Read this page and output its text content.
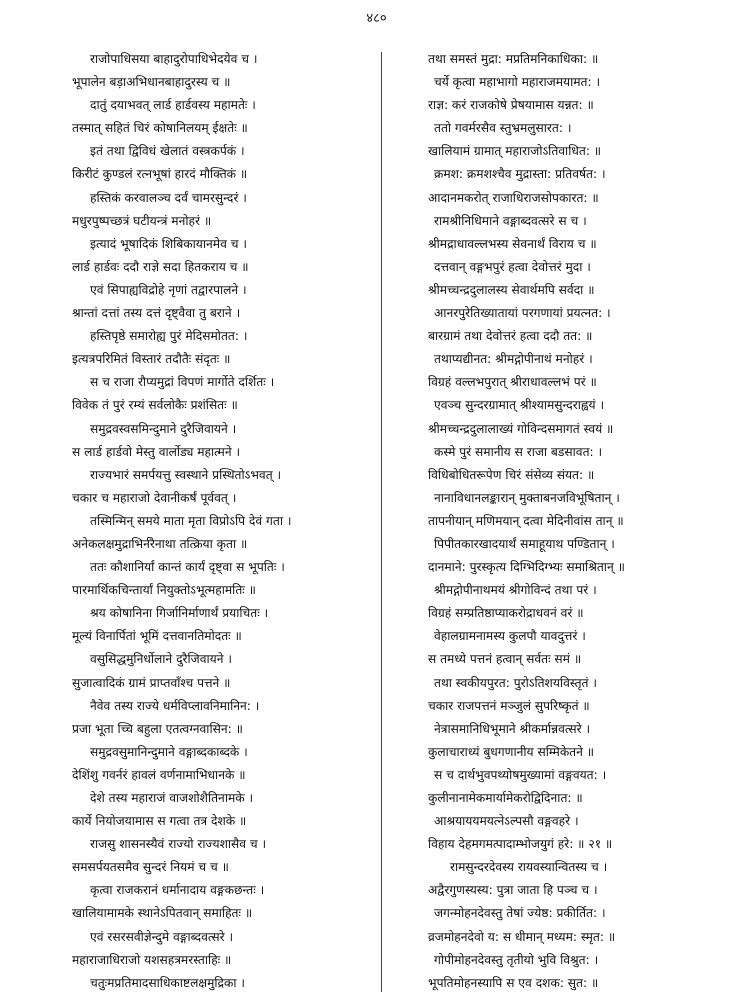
४८०
राजोपाधिसया बाहादुरोपाधिभेदयेव च ।
भूपालेन बड़ाअभिधानबाहादुरस्य च ॥
दातुं दयाभवत् लार्ड हार्डवस्य महामतेः ।
तस्मात् सहितं चिरं कोषानिलयम् ईक्षतेः ॥
इतं तथा द्विविधं खेलातं वस्त्रकर्पकं ।
किरीटं कुण्डलं रत्नभूषां हारदं मौक्तिकं ॥
हस्तिकं करवालञ्च दर्वं चामरसुन्दरं ।
मधुरपुष्पच्छत्रं घटीयन्त्रं मनोहरं ॥
इत्यादं भूषादिकं शिबिकायानमेव च ।
लार्ड हार्डवः ददौ राज्ञे सदा हितकराय च ॥
एवं सिपाह्यविद्रोहे नृणां तद्वारपालने ।
श्रान्तां दत्तां तस्य दत्तं दृष्ट्वैवा तु बराने ।
हस्तिपृष्ठे समारोह्य पुरं मेदिसमोतत: ।
इत्यत्रपरिमितं विस्तारं तदौतैः संदृतः ॥
स च राजा रौप्यमुद्रां विपणं मार्गोते दर्शितः ।
विवेक तं पुरं रम्यं सर्वलोकैः प्रशंसितः ॥
समुद्रवस्वसमिन्दुमाने दुरैजिवायने ।
स लार्ड हार्डवो मेस्तु वार्लोड्य महात्मने ।
राज्यभारं समर्पयत्तु स्वस्थाने प्रस्थितोऽभवत् ।
चकार च महाराजो देवानीकर्षं पूर्ववत् ।
तस्मिन्मिन् समये माता मृता विप्रोऽपि देवं गता ।
अनेकलक्षमुद्राभिर्नरैनाथा तत्क्रिया कृता ॥
ततः कौशानिर्यां कान्तं कार्यं दृष्ट्वा स भूपतिः ।
पारमार्थिकचिन्तार्यां नियुक्तोऽभूत्महामतिः ॥
श्रय कोषानिना गिर्जानिर्माणार्थं प्रयाचितः ।
मूल्यं विनार्पितां भूमिं दत्तवानतिमोदतः ॥
वसुसिद्धमुनिर्धोलाने दुरैजिवायने ।
सुजात्वादिकं ग्रामं प्राप्तवाँश्च पत्तने ॥
नैवेव तस्य राज्ये धर्मविप्लावनिमानिन: ।
प्रजा भूता च्चि बहुला एतत्वग्नवासिन: ॥
समुद्रवसुमानिन्दुमाने वङ्गाब्दकाब्दके ।
देशिंशु गवर्नरं हावलं वर्णनामाभिधानके ॥
देशे तस्य महाराजं वाजशोशैतिनामके ।
कार्ये नियोजयामास स गत्वा तत्र देशके ॥
राजसु शासनस्यैवं राज्यो राज्यशासैव च ।
समसर्पयतसमैव सुन्दरं नियमं च च ॥
कृत्वा राजकरानं धर्मानादाय वङ्गकछन्तः ।
खालियामामके स्थानेऽपितवान् समाहितः ॥
एवं रसरसवीज्ञेन्दुमे वङ्गाब्दवत्सरे ।
महाराजाधिराजो यशसहत्रमरस्ताहिः ॥
चतुःमप्रतिमादसाधिकाष्टलक्षमुद्रिका ।
तथा समस्तं मुद्रा: मप्रतिमनिकाधिका: ॥
चर्ये कृत्वा महाभागो महाराजमयामत: ।
राज्ञ: करं राजकोषे प्रेषयामास यन्नत: ॥
ततो गवर्मरसैव स्तुभ्रमलुसारत: ।
खालियामं ग्रामात् महाराजोऽतिवाधित: ॥
क्रमश: क्रमशश्चैव मुद्रास्ता: प्रतिवर्षत: ।
आदानमकरोत् राजाधिराजसोपकारत: ॥
रामश्रीनिधिमाने वङ्गाब्दवत्सरे स च ।
श्रीमद्राधावल्लभस्य सेवनार्थं विराय च ॥
दत्तवान् वङ्गभपुरं हत्वा देवोत्तरं मुदा ।
श्रीमच्चन्द्रदुलालस्य सेवार्थमपि सर्वदा ॥
आनरपुरेतिख्यातायां परगणायां प्रयत्नत: ।
बारग्रामं तथा देवोत्तरं हत्वा ददौ तत: ॥
तथाप्यद्यीनत: श्रीमद्गोपीनाथं मनोहरं ।
विग्रहं वल्लभपुरात् श्रीराधावल्लभं परं ॥
एवञ्च सुन्दरग्रामात् श्रीश्यामसुन्दराह्वयं ।
श्रीमच्चन्द्रदुलालाख्यं गोविन्दसमागतं स्वयं ॥
कस्मे पुरं समानीय स राजा बडसावत: ।
विधिबोधितरूपेण चिरं संसेव्य संयत: ॥
नानाविधानलङ्कारान् मुक्ताबनजविभूषितान् ।
तापनीयान् मणिमयान् दत्वा मेदिनीवांस तान् ॥
पिपीतकारखादयार्थं समाहूयाथ पण्डितान् ।
दानमाने: पुरस्कृत्य दिग्भिदिग्भ्यः समाश्रितान् ॥
श्रीमद्गोपीनाथमयं श्रीगोविन्दं तथा परं ।
विग्रहं सम्प्रतिष्ठाप्याकरोद्राधवनं वरं ॥
वेहालग्रामनामस्य कुलपौ यावदुत्तरं ।
स तमध्ये पत्तनं हत्वान् सर्वतः समं ॥
तथा स्वकीयपुरत: पुरोऽतिशयविस्तृतं ।
चकार राजपत्तनं मञ्जुलं सुपरिष्कृतं ॥
नेत्रासमानिधिभूमाने श्रीकर्मान्नवत्सरे ।
कुलाचाराध्यं बुधगणानीय सम्मिकेतने ॥
स च दार्थभुवपथ्योषमुख्यामां वङ्गवयत: ।
कुलीनानामेकमार्यामेकरोद्विदिनात: ॥
आश्रयाययमयत्नेऽल्पसौ वङ्गवहरे ।
विहाय देहमगमत्पादाम्भोजयुगं हरे: ॥ २१ ॥
रामसुन्दरदेवस्य रायवस्यान्वितस्य च ।
अद्वैरगुणस्यस्य: पुत्रा जाता हि पञ्च च ।
जगन्मोहनदेवस्तु तेषां ज्येष्ठ: प्रकीर्तित: ।
व्रजमोहनदेवो य: स धीमान् मध्यम: स्मृत: ॥
गोपीमोहनदेवस्तु तृतीयो भुवि विश्रुत: ।
भूपतिमोहनस्यापि स एव दशक: सुत: ॥
